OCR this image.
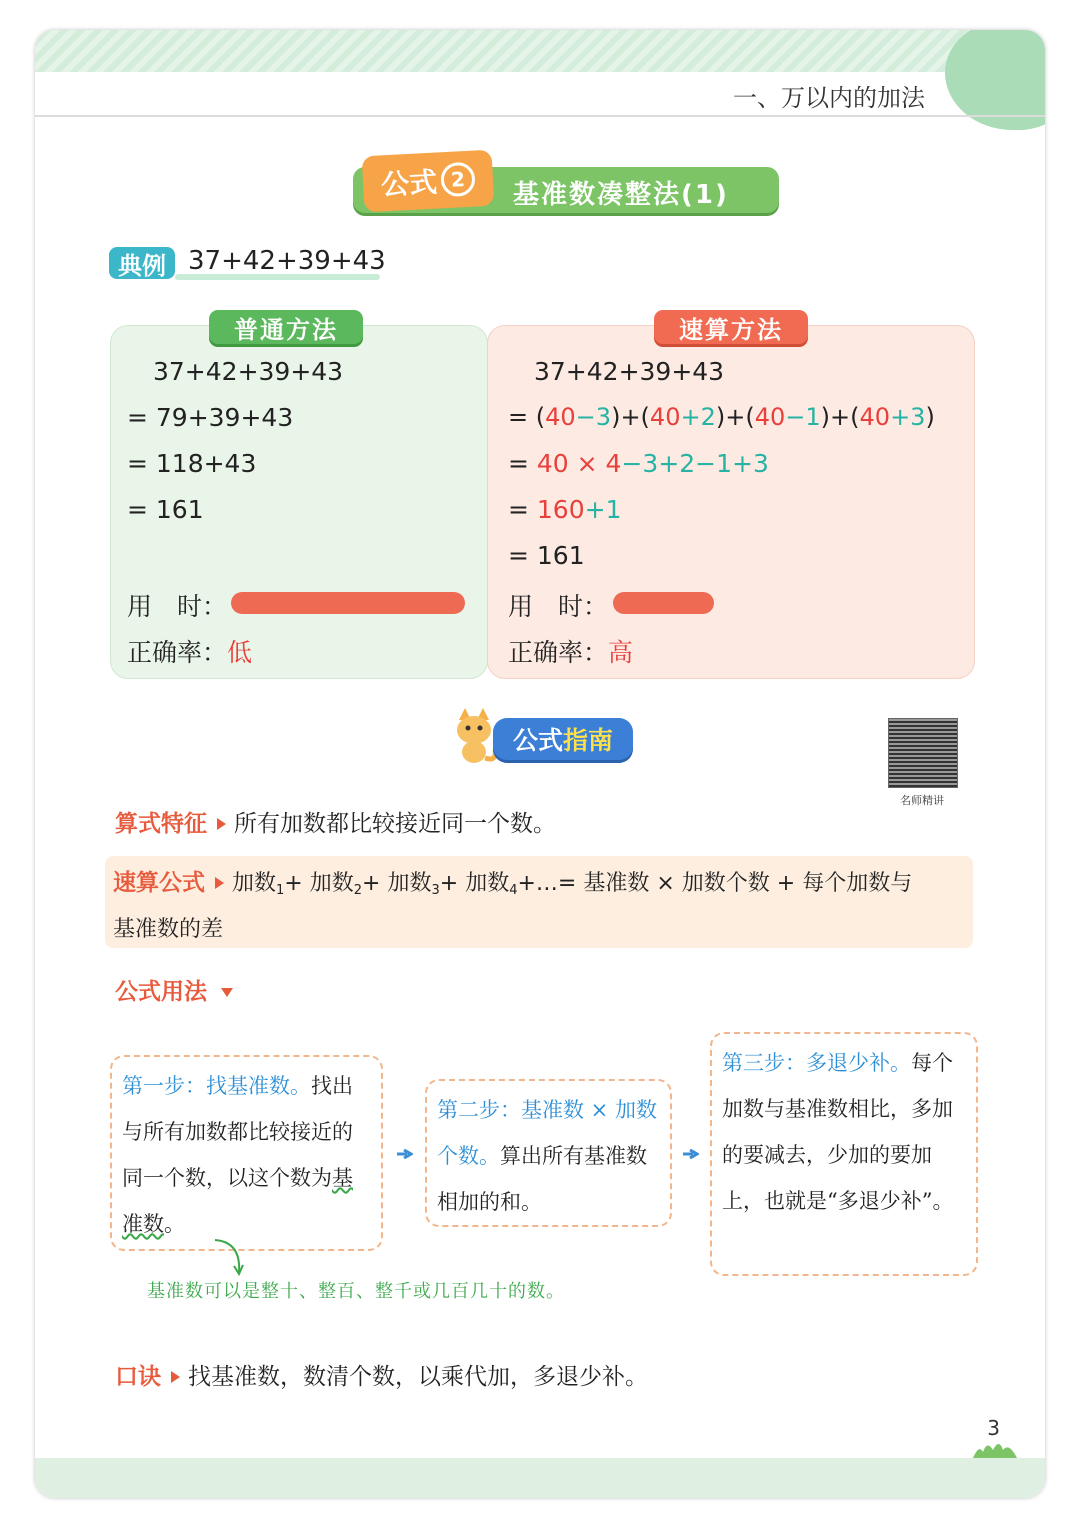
一、万以内的加法
公式 2
基准数凑整法(1)
典例 37+42+39+43
普通方法
37+42+39+43
= 79+39+43
= 118+43
= 161
用　时：
正确率：低
速算方法
37+42+39+43
= (40−3)+(40+2)+(40−1)+(40+3)
= 40 × 4−3+2−1+3
= 160+1
= 161
用　时：
正确率：高
公式 指南
名师精讲
算式特征 所有加数都比较接近同一个数。
速算公式 加数$_1$+ 加数$_2$+ 加数$_3$+ 加数$_4$+…= 基准数 × 加数个数 + 每个加数与
基准数的差
公式用法
第一步：找基准数。找出与所有加数都比较接近的同一个数，以这个数为基准数。
第二步：基准数 × 加数个数。算出所有基准数相加的和。
第三步：多退少补。每个加数与基准数相比，多加的要减去，少加的要加上，也就是“多退少补”。
基准数可以是整十、整百、整千或几百几十的数。
口诀 找基准数，数清个数，以乘代加，多退少补。
3
